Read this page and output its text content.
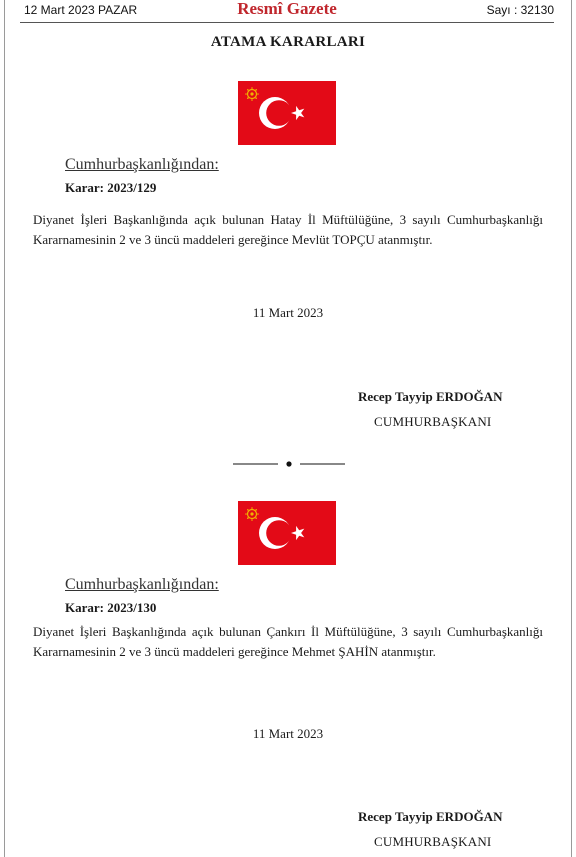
12 Mart 2023 PAZAR	Resmî Gazete	Sayı : 32130
ATAMA KARARLARI
Cumhurbaşkanlığından:
Karar: 2023/129
Diyanet İşleri Başkanlığında açık bulunan Hatay İl Müftülüğüne, 3 sayılı Cumhurbaşkanlığı Kararnamesinin 2 ve 3 üncü maddeleri gereğince Mevlüt TOPÇU atanmıştır.
11 Mart 2023
Recep Tayyip ERDOĞAN
CUMHURBAŞKANI
Cumhurbaşkanlığından:
Karar: 2023/130
Diyanet İşleri Başkanlığında açık bulunan Çankırı İl Müftülüğüne, 3 sayılı Cumhurbaşkanlığı Kararnamesinin 2 ve 3 üncü maddeleri gereğince Mehmet ŞAHİN atanmıştır.
11 Mart 2023
Recep Tayyip ERDOĞAN
CUMHURBAŞKANI
